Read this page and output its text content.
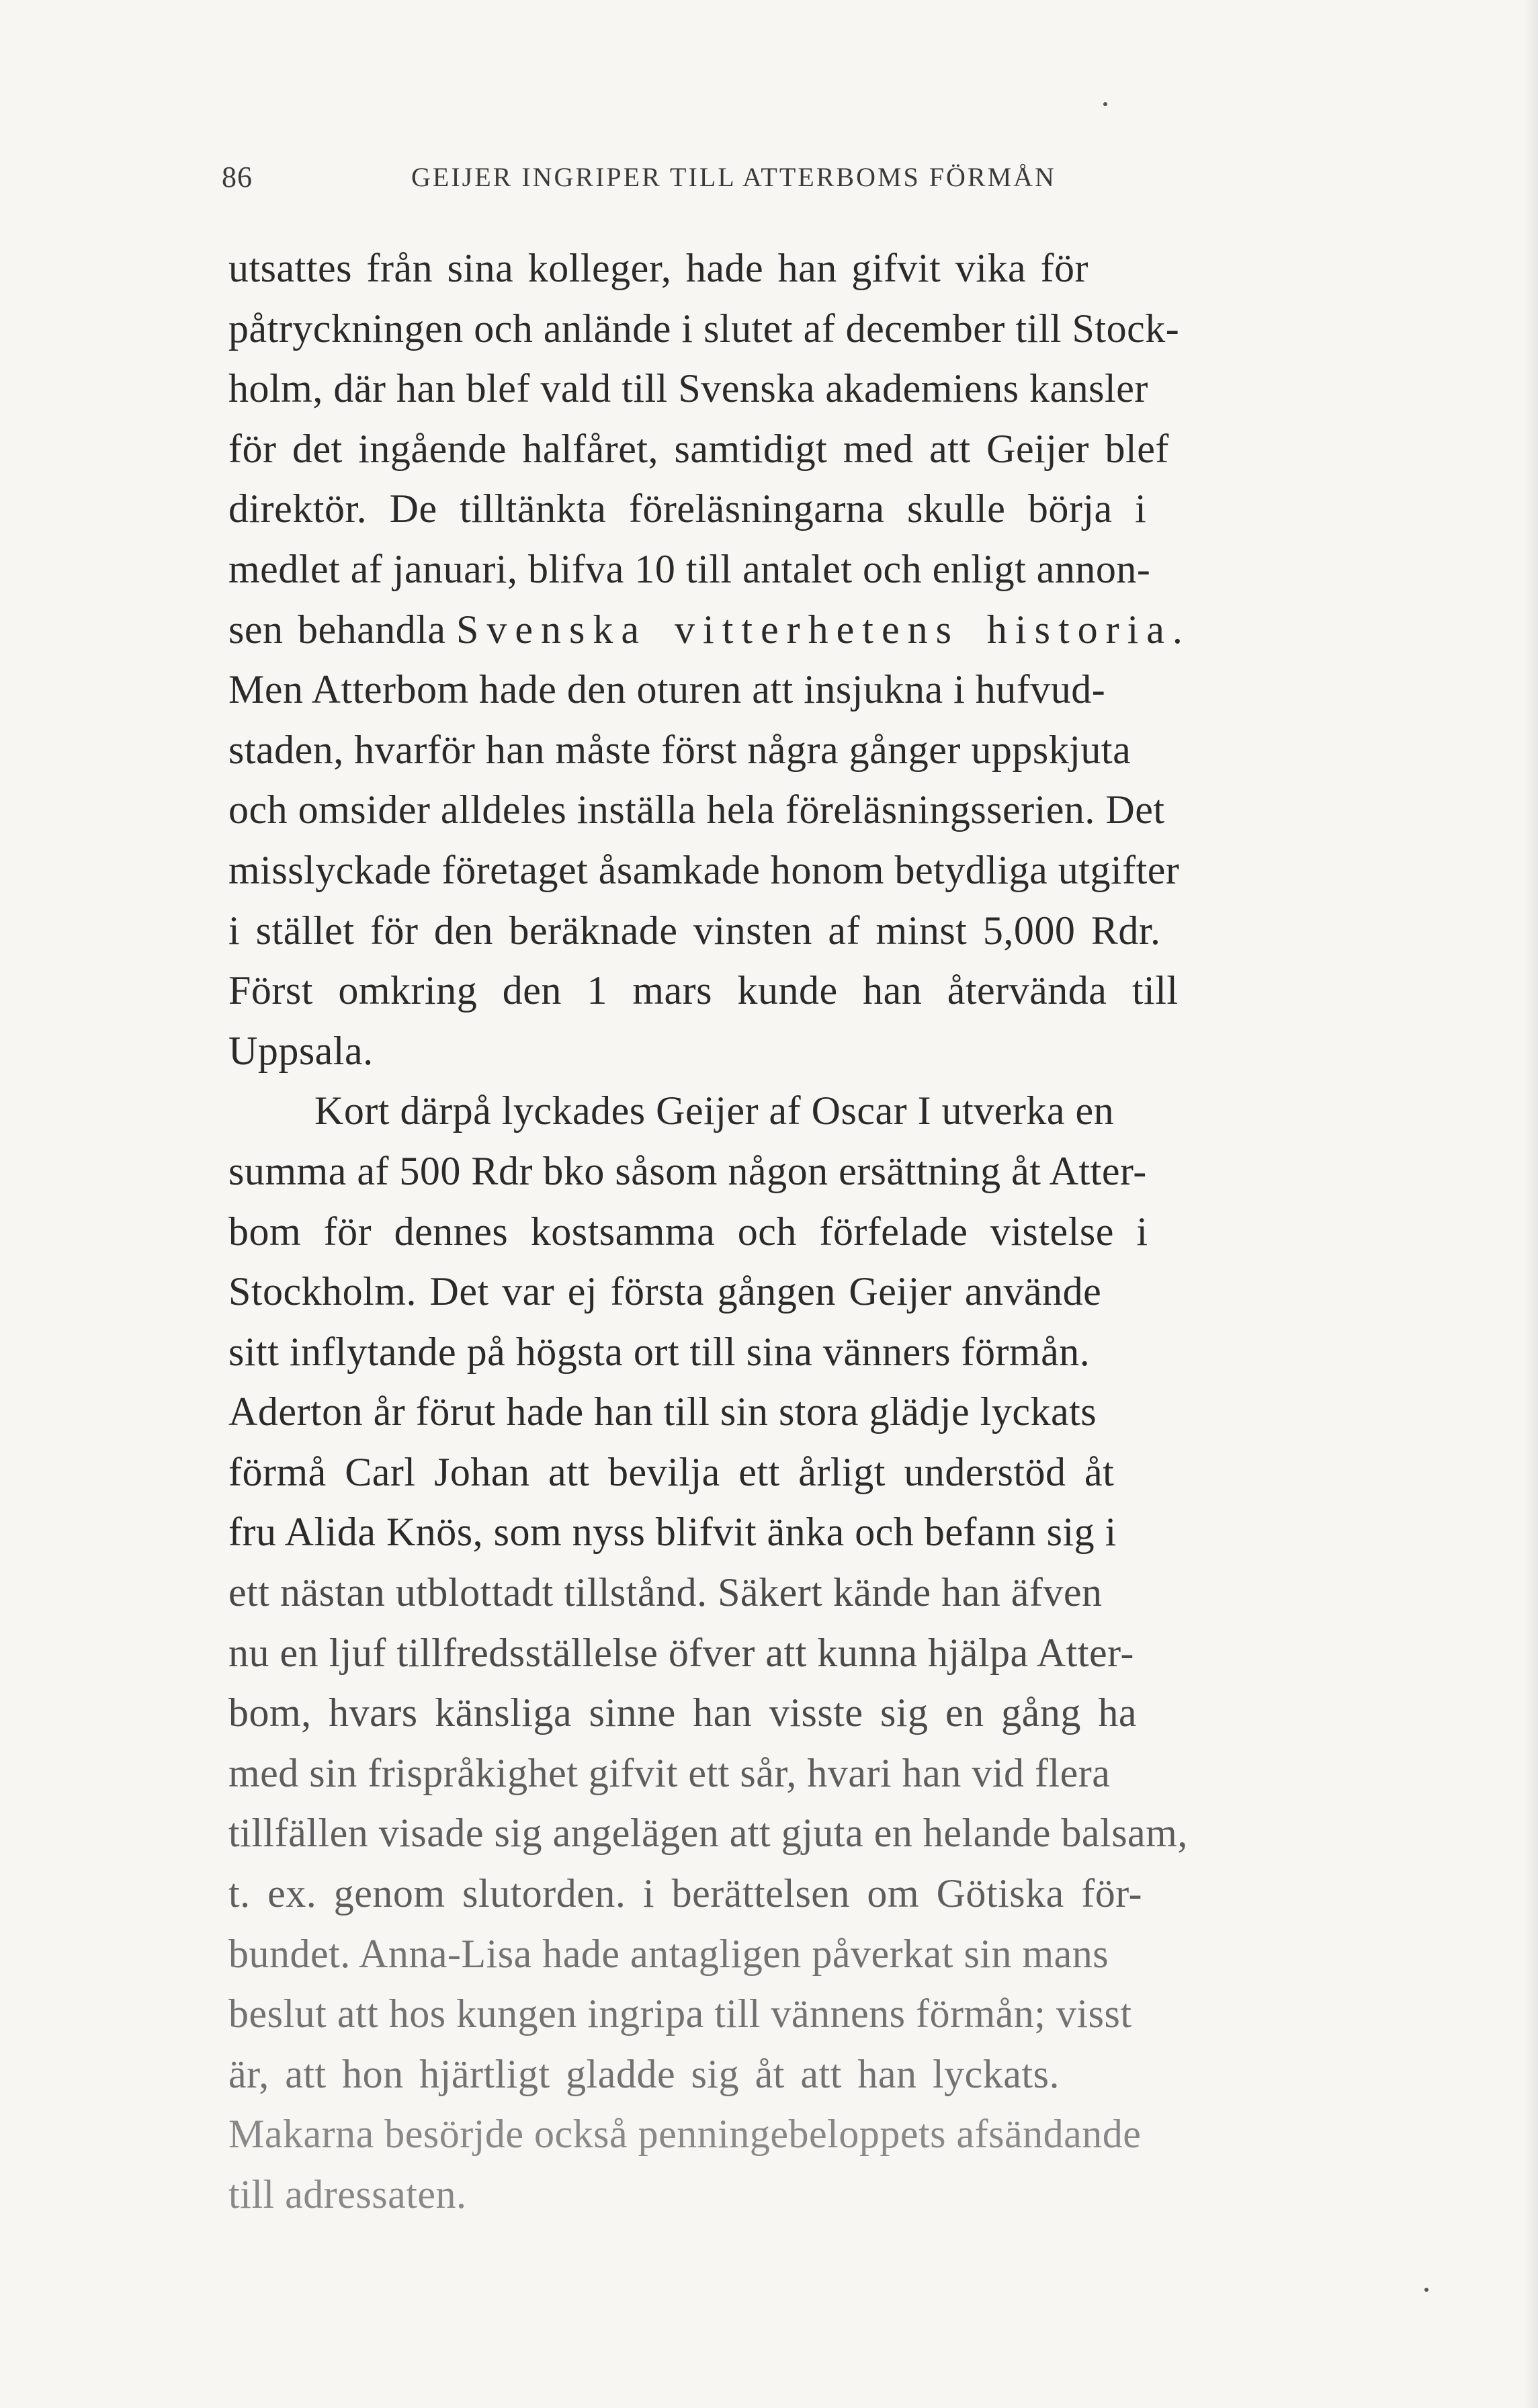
86	GEIJER INGRIPER TILL ATTERBOMS FÖRMÅN
utsattes från sina kolleger, hade han gifvit vika för
påtryckningen och anlände i slutet af december till Stock-
holm, där han blef vald till Svenska akademiens kansler
för det ingående halfåret, samtidigt med att Geijer blef
direktör. De tilltänkta föreläsningarna skulle börja i
medlet af januari, blifva 10 till antalet och enligt annon-
sen behandla Svenska vitterhetens historia.
Men Atterbom hade den oturen att insjukna i hufvud-
staden, hvarför han måste först några gånger uppskjuta
och omsider alldeles inställa hela föreläsningsserien. Det
misslyckade företaget åsamkade honom betydliga utgifter
i stället för den beräknade vinsten af minst 5,000 Rdr.
Först omkring den 1 mars kunde han återvända till
Uppsala.
Kort därpå lyckades Geijer af Oscar I utverka en
summa af 500 Rdr bko såsom någon ersättning åt Atter-
bom för dennes kostsamma och förfelade vistelse i
Stockholm. Det var ej första gången Geijer använde
sitt inflytande på högsta ort till sina vänners förmån.
Aderton år förut hade han till sin stora glädje lyckats
förmå Carl Johan att bevilja ett årligt understöd åt
fru Alida Knös, som nyss blifvit änka och befann sig i
ett nästan utblottadt tillstånd. Säkert kände han äfven
nu en ljuf tillfredsställelse öfver att kunna hjälpa Atter-
bom, hvars känsliga sinne han visste sig en gång ha
med sin frispråkighet gifvit ett sår, hvari han vid flera
tillfällen visade sig angelägen att gjuta en helande balsam,
t. ex. genom slutorden. i berättelsen om Götiska för-
bundet. Anna-Lisa hade antagligen påverkat sin mans
beslut att hos kungen ingripa till vännens förmån; visst
är, att hon hjärtligt gladde sig åt att han lyckats.
Makarna besörjde också penningebeloppets afsändande
till adressaten.
